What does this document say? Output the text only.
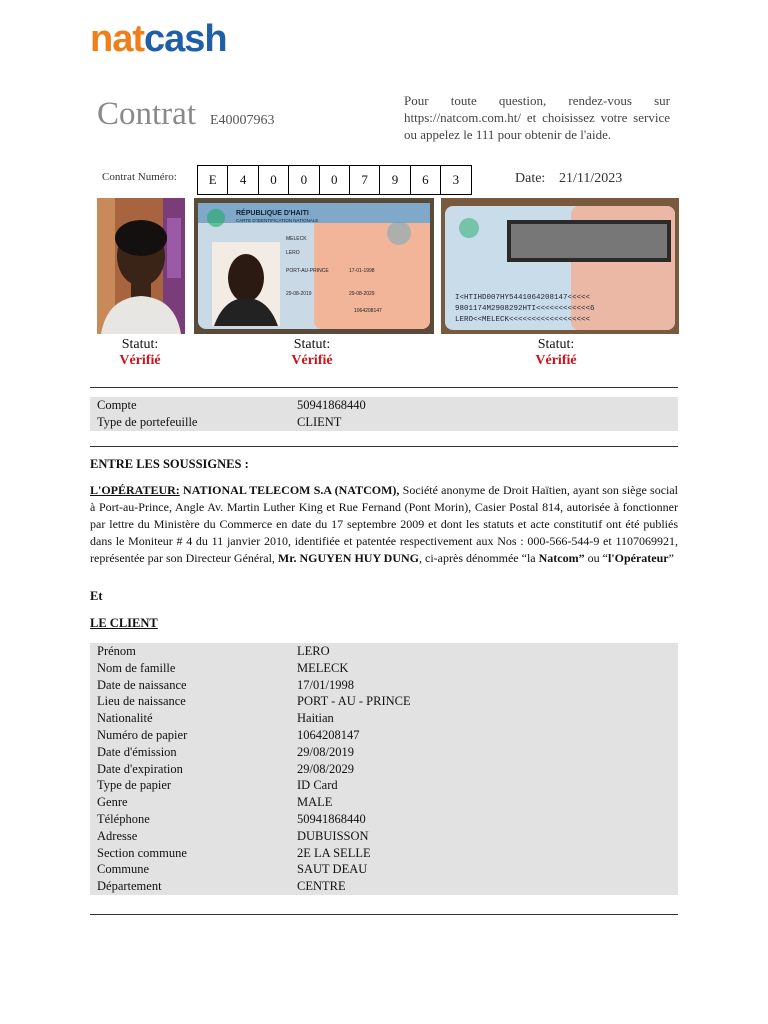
natcash
Contrat E40007963
Pour toute question, rendez-vous sur https://natcom.com.ht/ et choisissez votre service ou appelez le 111 pour obtenir de l'aide.
Contrat Numéro:	E	4	0	0	0	7	9	6	3	Date: 21/11/2023
RÉPUBLIQUE D'HAITI
CARTE D'IDENTIFICATION NATIONALE
MELECK
LERO
PORT-AU-PRINCE	17-01-1998
29-08-2019	29-08-2029
1064208147
I<HTIHD007HY5441064208147<<<<<
9801174M2908292HTI<<<<<<<<<<<<6
LERO<<MELECK<<<<<<<<<<<<<<<<<<
Statut:
Vérifié
Statut:
Vérifié
Statut:
Vérifié
Compte	50941868440
Type de portefeuille	CLIENT
ENTRE LES SOUSSIGNES :
L'OPÉRATEUR: NATIONAL TELECOM S.A (NATCOM), Société anonyme de Droit Haïtien, ayant son siège social à Port-au-Prince, Angle Av. Martin Luther King et Rue Fernand (Pont Morin), Casier Postal 814, autorisée à fonctionner par lettre du Ministère du Commerce en date du 17 septembre 2009 et dont les statuts et acte constitutif ont été publiés dans le Moniteur # 4 du 11 janvier 2010, identifiée et patentée respectivement aux Nos : 000-566-544-9 et 1107069921, représentée par son Directeur Général, Mr. NGUYEN HUY DUNG, ci-après dénommée “la Natcom” ou “l'Opérateur”
Et
LE CLIENT
Prénom	LERO
Nom de famille	MELECK
Date de naissance	17/01/1998
Lieu de naissance	PORT - AU - PRINCE
Nationalité	Haitian
Numéro de papier	1064208147
Date d'émission	29/08/2019
Date d'expiration	29/08/2029
Type de papier	ID Card
Genre	MALE
Téléphone	50941868440
Adresse	DUBUISSON
Section commune	2E LA SELLE
Commune	SAUT DEAU
Département	CENTRE
